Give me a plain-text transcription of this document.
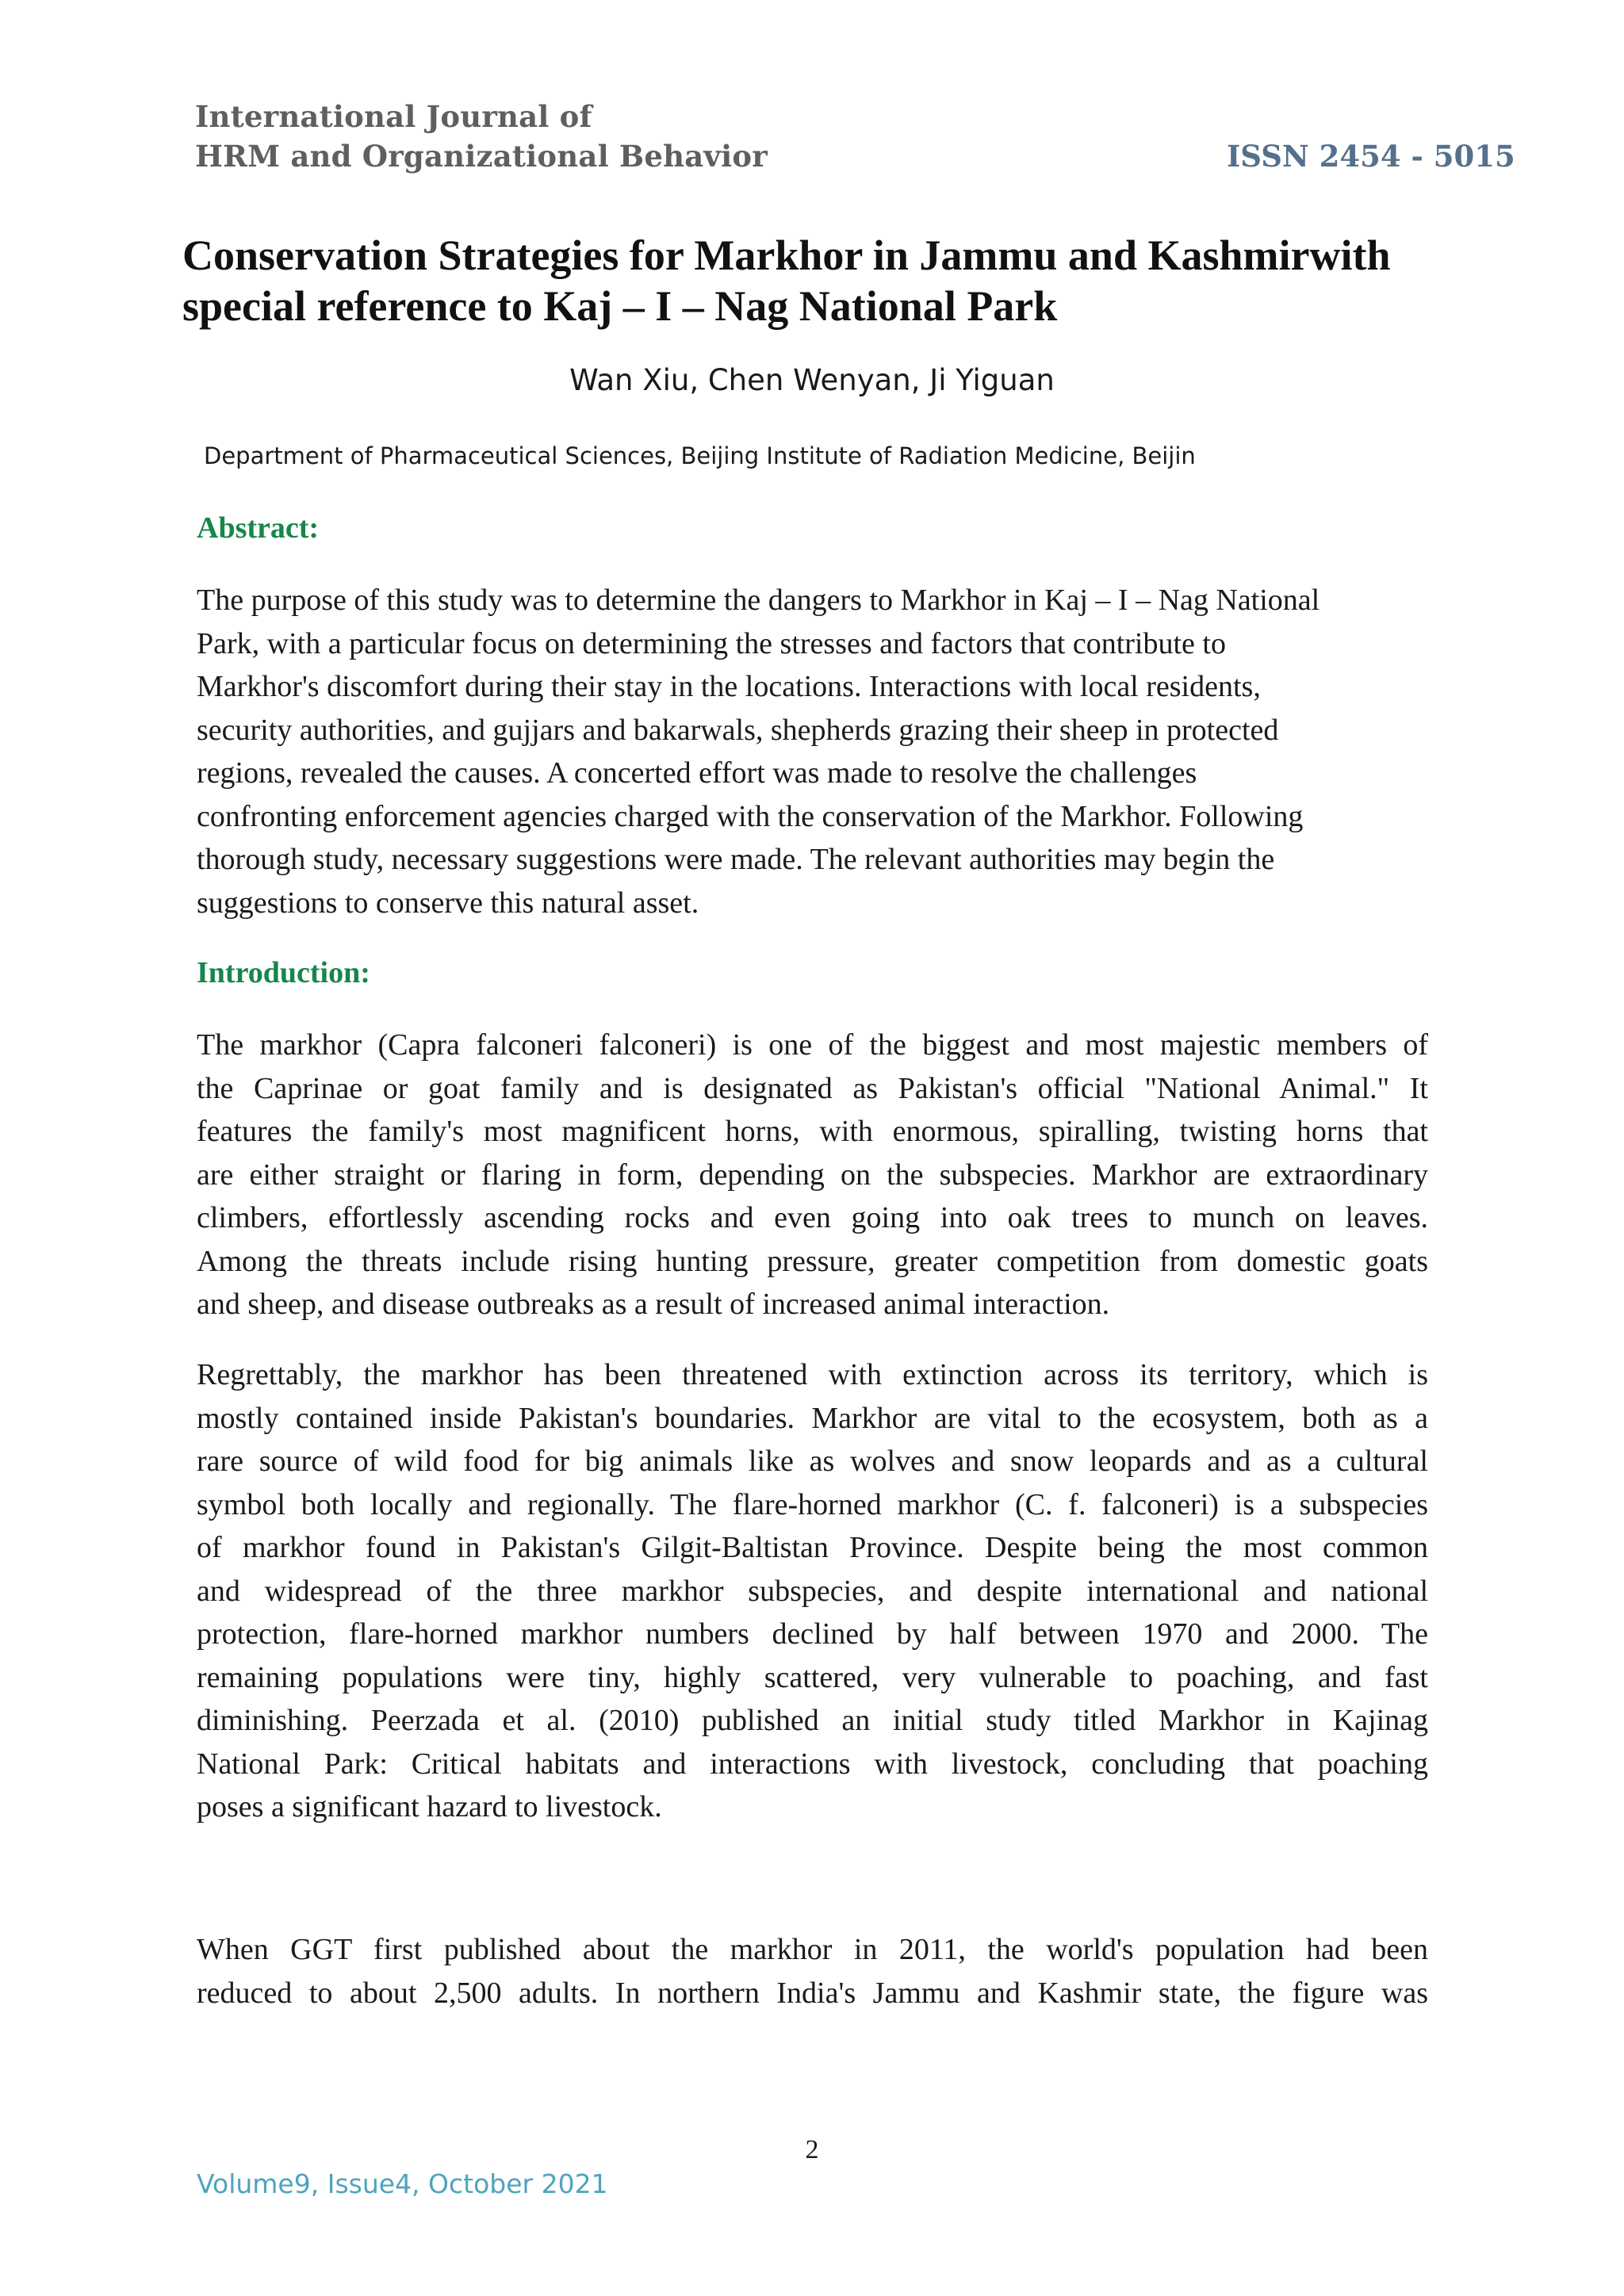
International Journal of
HRM and Organizational Behavior	ISSN 2454 - 5015
Conservation Strategies for Markhor in Jammu and Kashmirwith
special reference to Kaj – I – Nag National Park
Wan Xiu, Chen Wenyan, Ji Yiguan
Department of Pharmaceutical Sciences, Beijing Institute of Radiation Medicine, Beijin
Abstract:
The purpose of this study was to determine the dangers to Markhor in Kaj – I – Nag National
Park, with a particular focus on determining the stresses and factors that contribute to
Markhor's discomfort during their stay in the locations. Interactions with local residents,
security authorities, and gujjars and bakarwals, shepherds grazing their sheep in protected
regions, revealed the causes. A concerted effort was made to resolve the challenges
confronting enforcement agencies charged with the conservation of the Markhor. Following
thorough study, necessary suggestions were made. The relevant authorities may begin the
suggestions to conserve this natural asset.
Introduction:
The markhor (Capra falconeri falconeri) is one of the biggest and most majestic members of
the Caprinae or goat family and is designated as Pakistan's official "National Animal." It
features the family's most magnificent horns, with enormous, spiralling, twisting horns that
are either straight or flaring in form, depending on the subspecies. Markhor are extraordinary
climbers, effortlessly ascending rocks and even going into oak trees to munch on leaves.
Among the threats include rising hunting pressure, greater competition from domestic goats
and sheep, and disease outbreaks as a result of increased animal interaction.
Regrettably, the markhor has been threatened with extinction across its territory, which is
mostly contained inside Pakistan's boundaries. Markhor are vital to the ecosystem, both as a
rare source of wild food for big animals like as wolves and snow leopards and as a cultural
symbol both locally and regionally. The flare-horned markhor (C. f. falconeri) is a subspecies
of markhor found in Pakistan's Gilgit-Baltistan Province. Despite being the most common
and widespread of the three markhor subspecies, and despite international and national
protection, flare-horned markhor numbers declined by half between 1970 and 2000. The
remaining populations were tiny, highly scattered, very vulnerable to poaching, and fast
diminishing. Peerzada et al. (2010) published an initial study titled Markhor in Kajinag
National Park: Critical habitats and interactions with livestock, concluding that poaching
poses a significant hazard to livestock.
When GGT first published about the markhor in 2011, the world's population had been
reduced to about 2,500 adults. In northern India's Jammu and Kashmir state, the figure was
2
Volume9, Issue4, October 2021
